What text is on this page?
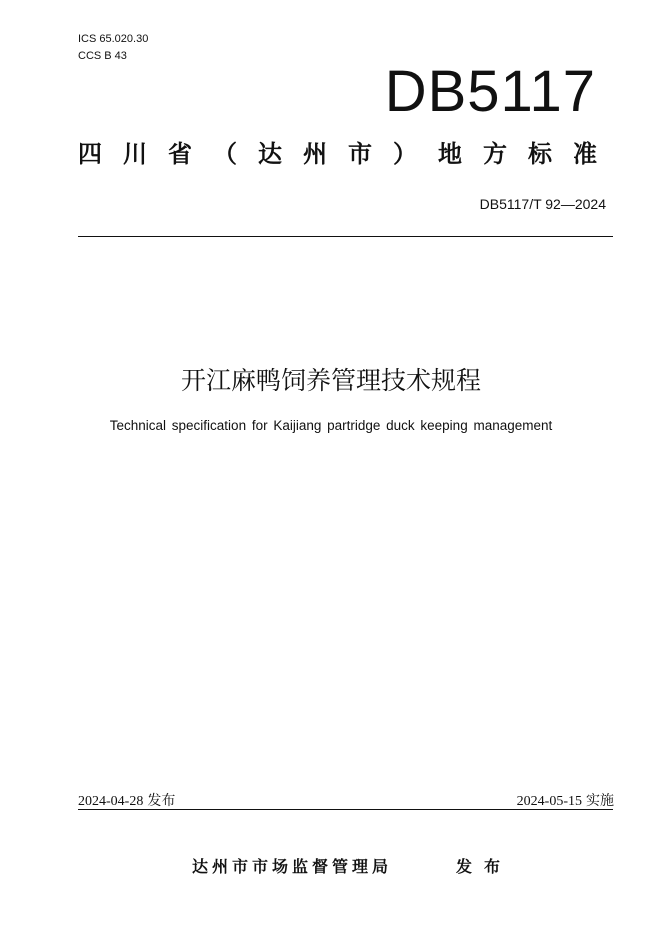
ICS 65.020.30
CCS B 43
DB5117
四川省（达州市）地方标准
DB5117/T 92—2024
开江麻鸭饲养管理技术规程
Technical specification for Kaijiang partridge duck keeping management
2024-04-28 发布	2024-05-15 实施
达州市市场监督管理局	发布
